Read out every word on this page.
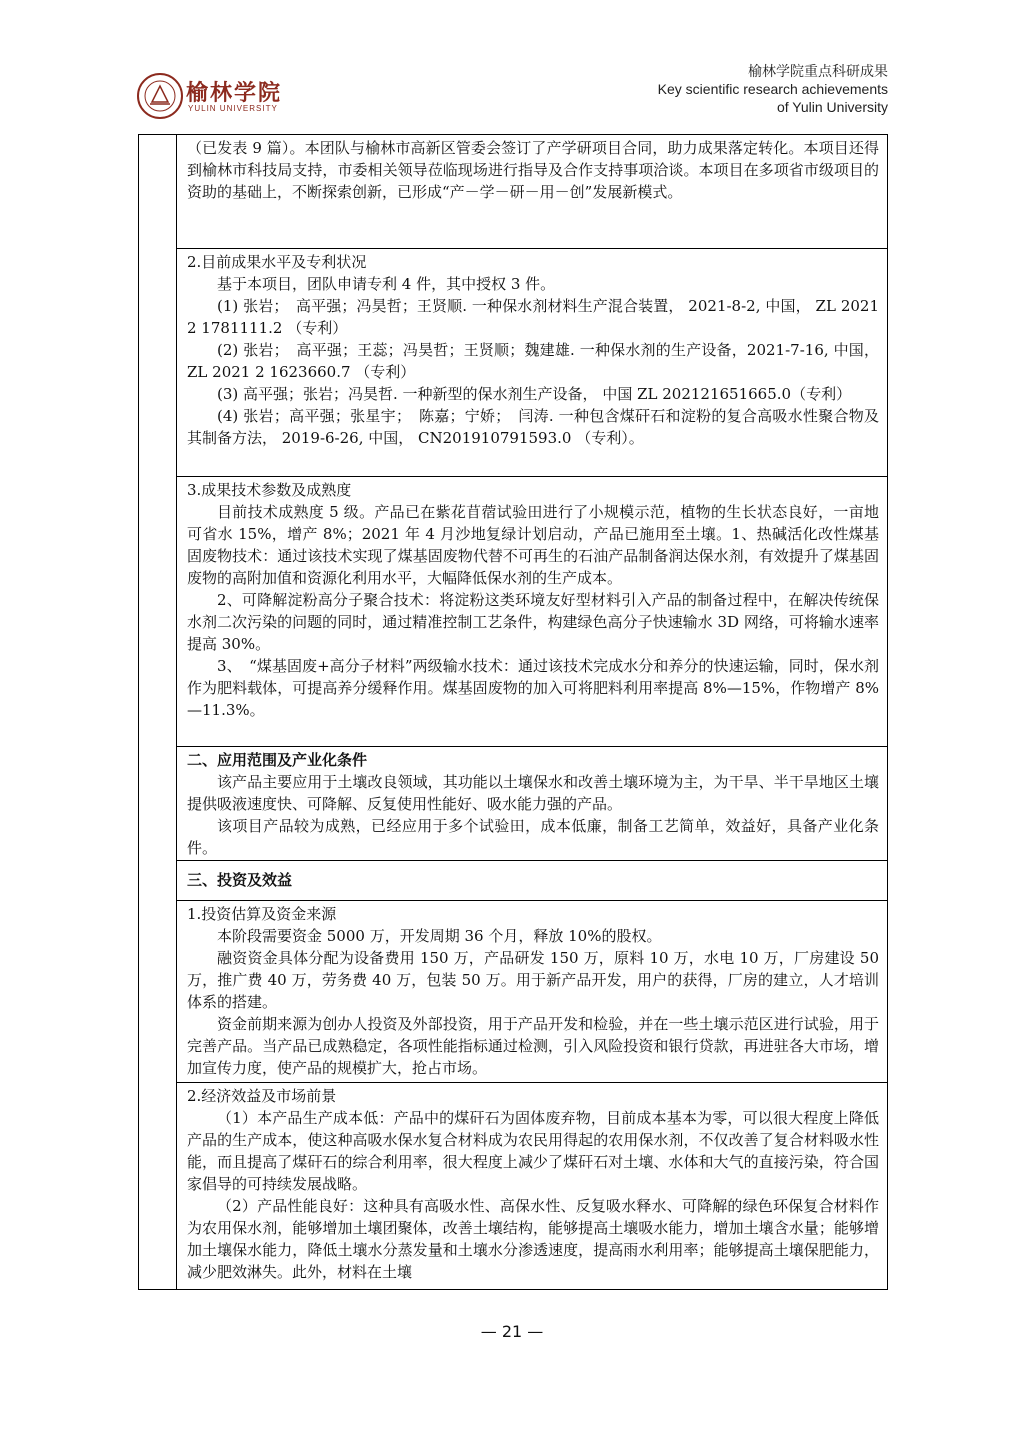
榆林学院
YULIN UNIVERSITY
榆林学院重点科研成果
Key scientific research achievements
of Yulin University

（已发表 9 篇）。本团队与榆林市高新区管委会签订了产学研项目合同，助力成果落定转化。本项目还得到榆林市科技局支持，市委相关领导莅临现场进行指导及合作支持事项洽谈。本项目在多项省市级项目的资助的基础上，不断探索创新，已形成“产－学－研－用－创”发展新模式。

2.目前成果水平及专利状况

基于本项目，团队申请专利 4 件，其中授权 3 件。

(1) 张岩；　高平强；冯昊哲；王贤顺. 一种保水剂材料生产混合装置， 2021-8-2, 中国， ZL 2021 2 1781111.2 （专利）

(2) 张岩；　高平强；王蕊；冯昊哲；王贤顺；魏建雄. 一种保水剂的生产设备，2021-7-16, 中国， ZL 2021 2 1623660.7 （专利）

(3) 高平强；张岩；冯昊哲. 一种新型的保水剂生产设备， 中国 ZL 202121651665.0（专利）

(4) 张岩；高平强；张星宇；　陈嘉；宁娇；　闫涛. 一种包含煤矸石和淀粉的复合高吸水性聚合物及其制备方法， 2019-6-26, 中国， CN201910791593.0 （专利）。

3.成果技术参数及成熟度

目前技术成熟度 5 级。产品已在紫花苜蓿试验田进行了小规模示范，植物的生长状态良好，一亩地可省水 15%，增产 8%；2021 年 4 月沙地复绿计划启动，产品已施用至土壤。1、热碱活化改性煤基固废物技术：通过该技术实现了煤基固废物代替不可再生的石油产品制备润达保水剂，有效提升了煤基固废物的高附加值和资源化利用水平，大幅降低保水剂的生产成本。

2、可降解淀粉高分子聚合技术：将淀粉这类环境友好型材料引入产品的制备过程中，在解决传统保水剂二次污染的问题的同时，通过精准控制工艺条件，构建绿色高分子快速输水 3D 网络，可将输水速率提高 30%。

3、　“煤基固废+高分子材料”两级输水技术：通过该技术完成水分和养分的快速运输，同时，保水剂作为肥料载体，可提高养分缓释作用。煤基固废物的加入可将肥料利用率提高 8%—15%，作物增产 8%—11.3%。

二、应用范围及产业化条件

该产品主要应用于土壤改良领域，其功能以土壤保水和改善土壤环境为主，为干旱、半干旱地区土壤提供吸液速度快、可降解、反复使用性能好、吸水能力强的产品。

该项目产品较为成熟，已经应用于多个试验田，成本低廉，制备工艺简单，效益好，具备产业化条件。

三、投资及效益

1.投资估算及资金来源

本阶段需要资金 5000 万，开发周期 36 个月，释放 10%的股权。

融资资金具体分配为设备费用 150 万，产品研发 150 万，原料 10 万，水电 10 万，厂房建设 50 万，推广费 40 万，劳务费 40 万，包装 50 万。用于新产品开发，用户的获得，厂房的建立，人才培训体系的搭建。

资金前期来源为创办人投资及外部投资，用于产品开发和检验，并在一些土壤示范区进行试验，用于完善产品。当产品已成熟稳定，各项性能指标通过检测，引入风险投资和银行贷款，再进驻各大市场，增加宣传力度，使产品的规模扩大，抢占市场。

2.经济效益及市场前景

（1）本产品生产成本低：产品中的煤矸石为固体废弃物，目前成本基本为零，可以很大程度上降低产品的生产成本，使这种高吸水保水复合材料成为农民用得起的农用保水剂，不仅改善了复合材料吸水性能，而且提高了煤矸石的综合利用率，很大程度上减少了煤矸石对土壤、水体和大气的直接污染，符合国家倡导的可持续发展战略。

（2）产品性能良好：这种具有高吸水性、高保水性、反复吸水释水、可降解的绿色环保复合材料作为农用保水剂，能够增加土壤团聚体，改善土壤结构，能够提高土壤吸水能力，增加土壤含水量；能够增加土壤保水能力，降低土壤水分蒸发量和土壤水分渗透速度，提高雨水利用率；能够提高土壤保肥能力，减少肥效淋失。此外，材料在土壤

— 21 —
